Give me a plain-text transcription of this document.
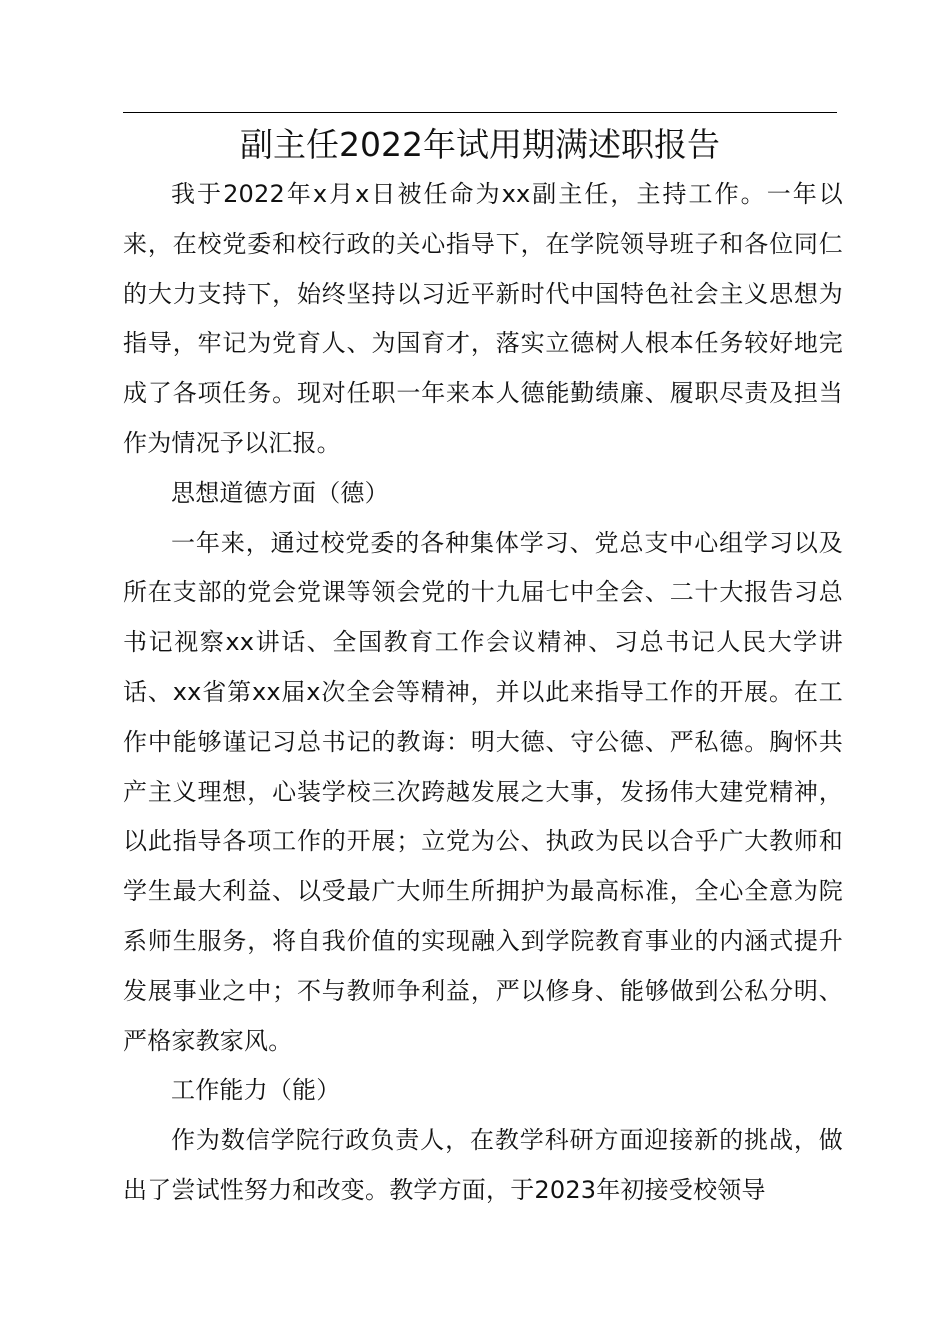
副主任2022年试用期满述职报告

我于2022年x月x日被任命为xx副主任，主持工作。一年以来，在校党委和校行政的关心指导下，在学院领导班子和各位同仁的大力支持下，始终坚持以习近平新时代中国特色社会主义思想为指导，牢记为党育人、为国育才，落实立德树人根本任务较好地完成了各项任务。现对任职一年来本人德能勤绩廉、履职尽责及担当作为情况予以汇报。

思想道德方面（德）

一年来，通过校党委的各种集体学习、党总支中心组学习以及所在支部的党会党课等领会党的十九届七中全会、二十大报告习总书记视察xx讲话、全国教育工作会议精神、习总书记人民大学讲话、xx省第xx届x次全会等精神，并以此来指导工作的开展。在工作中能够谨记习总书记的教诲：明大德、守公德、严私德。胸怀共产主义理想，心装学校三次跨越发展之大事，发扬伟大建党精神，以此指导各项工作的开展；立党为公、执政为民以合乎广大教师和学生最大利益、以受最广大师生所拥护为最高标准，全心全意为院系师生服务，将自我价值的实现融入到学院教育事业的内涵式提升发展事业之中；不与教师争利益，严以修身、能够做到公私分明、严格家教家风。

工作能力（能）

作为数信学院行政负责人，在教学科研方面迎接新的挑战，做出了尝试性努力和改变。教学方面，于2023年初接受校领导
